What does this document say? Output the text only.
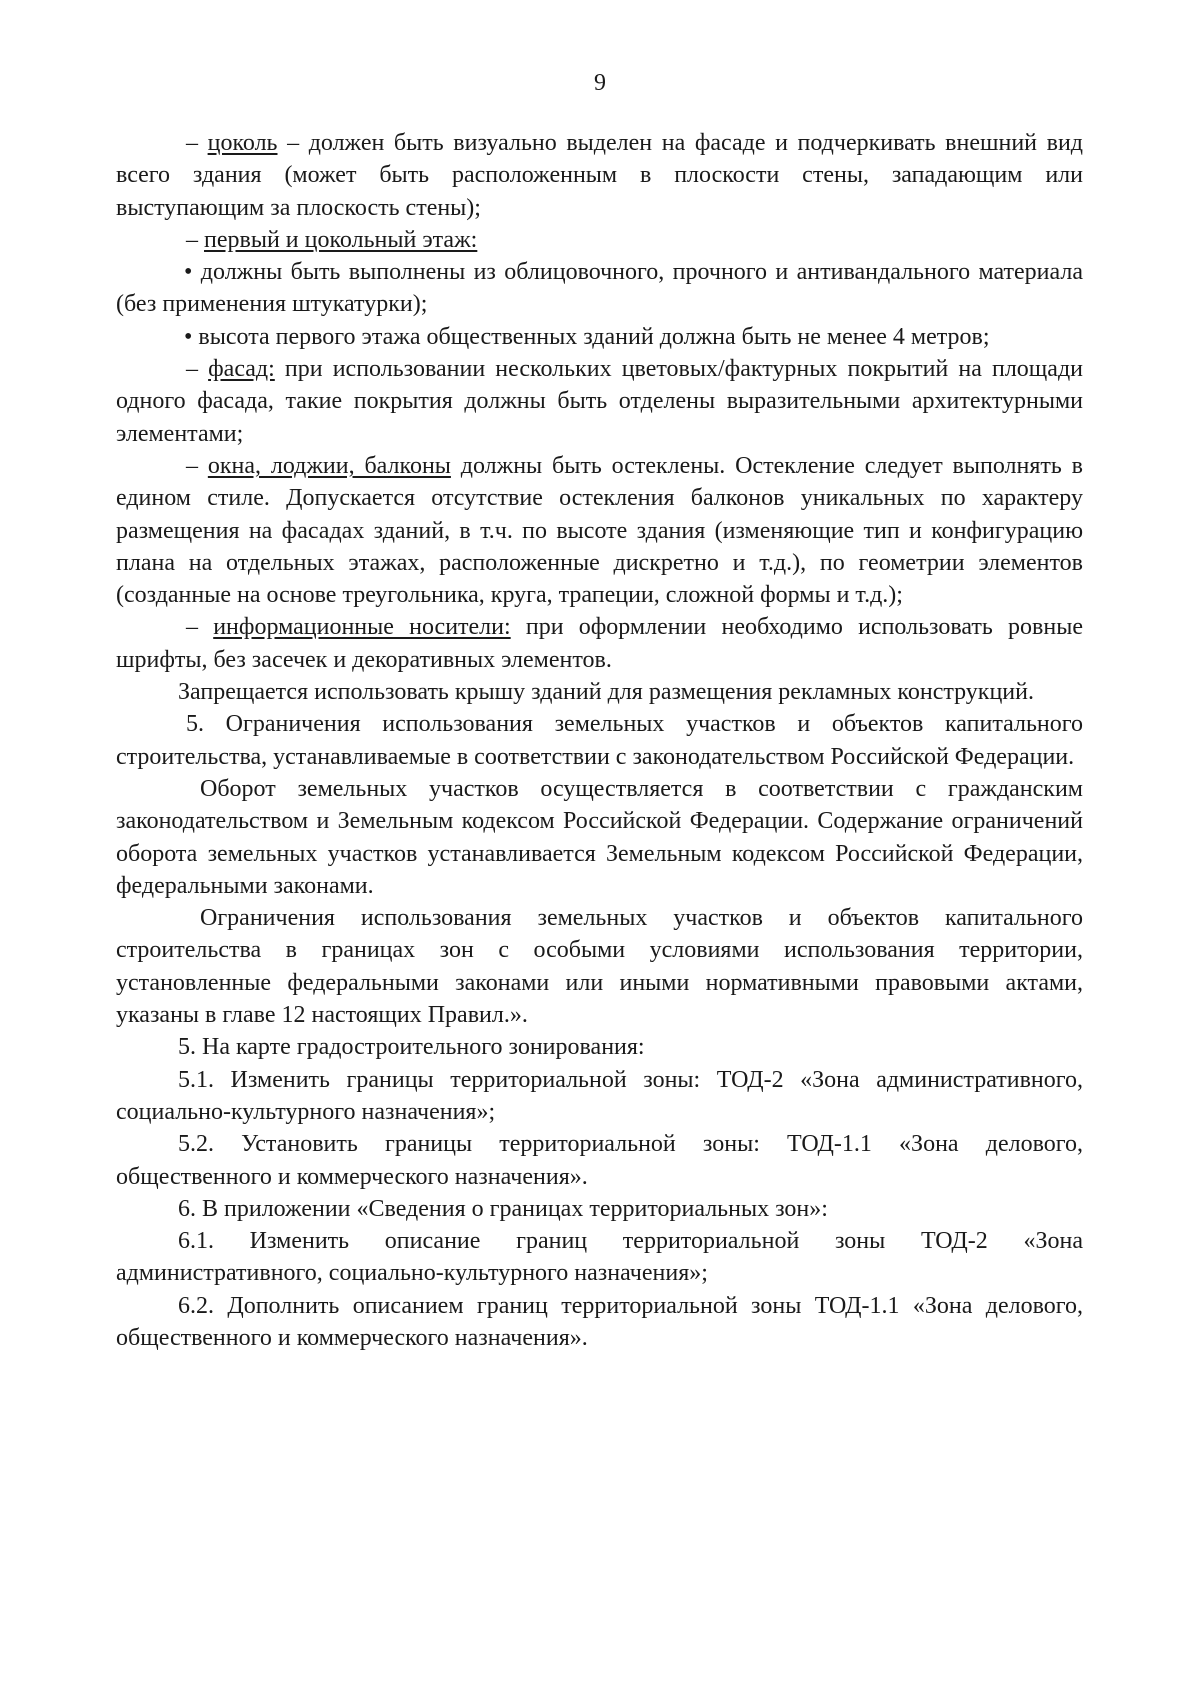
9

– цоколь – должен быть визуально выделен на фасаде и подчеркивать внешний вид всего здания (может быть расположенным в плоскости стены, западающим или выступающим за плоскость стены);

– первый и цокольный этаж:

• должны быть выполнены из облицовочного, прочного и антивандального материала (без применения штукатурки);

• высота первого этажа общественных зданий должна быть не менее 4 метров;

– фасад: при использовании нескольких цветовых/фактурных покрытий на площади одного фасада, такие покрытия должны быть отделены выразительными архитектурными элементами;

– окна, лоджии, балконы должны быть остеклены. Остекление следует выполнять в едином стиле. Допускается отсутствие остекления балконов уникальных по характеру размещения на фасадах зданий, в т.ч. по высоте здания (изменяющие тип и конфигурацию плана на отдельных этажах, расположенные дискретно и т.д.), по геометрии элементов (созданные на основе треугольника, круга, трапеции, сложной формы и т.д.);

– информационные носители: при оформлении необходимо использовать ровные шрифты, без засечек и декоративных элементов.

Запрещается использовать крышу зданий для размещения рекламных конструкций.

5. Ограничения использования земельных участков и объектов капитального строительства, устанавливаемые в соответствии с законодательством Российской Федерации.

Оборот земельных участков осуществляется в соответствии с гражданским законодательством и Земельным кодексом Российской Федерации. Содержание ограничений оборота земельных участков устанавливается Земельным кодексом Российской Федерации, федеральными законами.

Ограничения использования земельных участков и объектов капитального строительства в границах зон с особыми условиями использования территории, установленные федеральными законами или иными нормативными правовыми актами, указаны в главе 12 настоящих Правил.».

5. На карте градостроительного зонирования:

5.1. Изменить границы территориальной зоны: ТОД-2 «Зона административного, социально-культурного назначения»;

5.2. Установить границы территориальной зоны: ТОД-1.1 «Зона делового, общественного и коммерческого назначения».

6. В приложении «Сведения о границах территориальных зон»:

6.1. Изменить описание границ территориальной зоны ТОД-2 «Зона административного, социально-культурного назначения»;

6.2. Дополнить описанием границ территориальной зоны ТОД-1.1 «Зона делового, общественного и коммерческого назначения».
